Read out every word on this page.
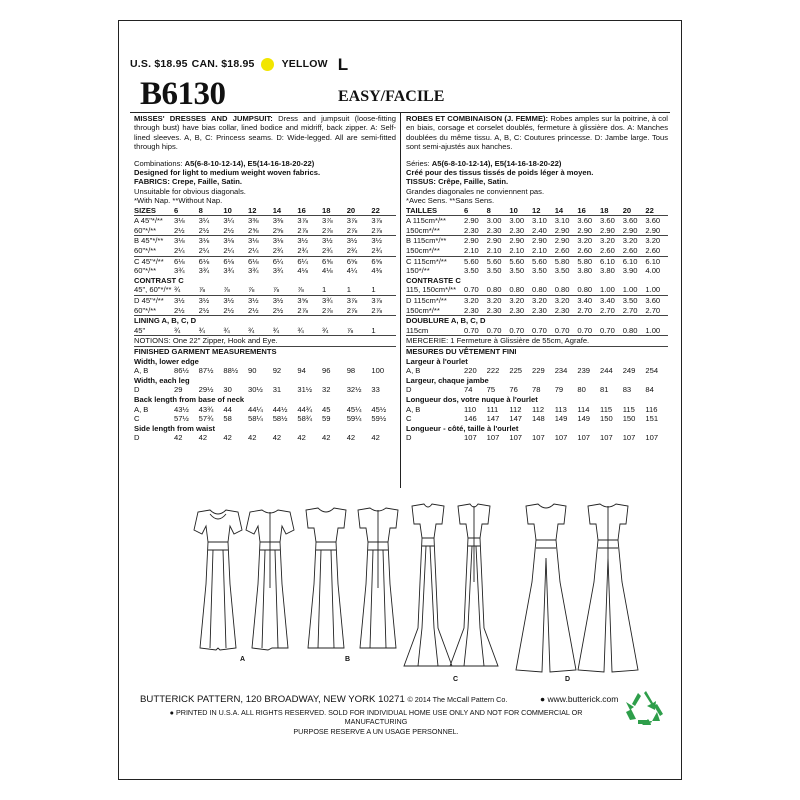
U.S. $18.95 CAN. $18.95	YELLOW L
B6130	EASY/FACILE

MISSES' DRESSES AND JUMPSUIT: Dress and jumpsuit (loose-fitting through bust) have bias collar, lined bodice and midriff, back zipper. A: Self-lined sleeves. A, B, C: Princess seams. D: Wide-legged. All are semi-fitted through hips.

Combinations: A5(6-8-10-12-14), E5(14-16-18-20-22)

Designed for light to medium weight woven fabrics.

FABRICS: Crepe, Faille, Satin.

Unsuitable for obvious diagonals.

*With Nap. **Without Nap.

SIZES	6	8	10	12	14	16	18	20	22
A 45"*/**	3⅛	3¼	3¼	3⅜	3⅜	3⅞	3⅞	3⅞	3⅞
60"*/**	2½	2½	2½	2⅝	2⅝	2⅞	2⅞	2⅞	2⅞
B 45"*/**	3⅛	3⅛	3⅛	3⅛	3⅛	3½	3½	3½	3½
60"*/**	2¼	2¼	2¼	2¼	2¾	2¾	2¾	2¾	2¾
C 45"*/**	6⅛	6⅛	6⅛	6⅛	6¼	6¼	6⅝	6⅝	6⅝
60"*/**	3¾	3¾	3¾	3¾	3¾	4⅛	4⅛	4¼	4⅜
CONTRAST C
45", 60"*/** ¾	⅞	⅞	⅞	⅞	⅞	1	1	1
D 45"*/**	3½	3½	3½	3½	3½	3⅝	3¾	3⅞	3⅞
60"*/**	2½	2½	2½	2½	2½	2⅞	2⅞	2⅞	2⅞
LINING A, B, C, D
45"	¾	¾	¾	¾	¾	¾	¾	⅞	1
NOTIONS: One 22" Zipper, Hook and Eye.
FINISHED GARMENT MEASUREMENTS
Width, lower edge
A, B	86½	87½	88½	90	92	94	96	98	100
Width, each leg
D	29	29½	30	30½	31	31½	32	32½	33
Back length from base of neck
A, B	43½	43¾	44	44¼	44½	44¾	45	45¼	45½
C	57½	57¾	58	58¼	58½	58¾	59	59¼	59½
Side length from waist
D	42	42	42	42	42	42	42	42	42

ROBES ET COMBINAISON (J. FEMME): Robes amples sur la poitrine, à col en biais, corsage et corselet doublés, fermeture à glissière dos. A: Manches doublées du même tissu. A, B, C: Coutures princesse. D: Jambe large. Tous sont semi-ajustés aux hanches.

Séries: A5(6-8-10-12-14), E5(14-16-18-20-22)

Créé pour des tissus tissés de poids léger à moyen.

TISSUS: Crêpe, Faille, Satin.

Grandes diagonales ne conviennent pas.

*Avec Sens. **Sans Sens.

TAILLES	6	8	10	12	14	16	18	20	22
A 115cm*/**	2.90	3.00	3.00	3.10	3.10	3.60	3.60	3.60	3.60
150cm*/**	2.30	2.30	2.30	2.40	2.90	2.90	2.90	2.90	2.90
B 115cm*/**	2.90	2.90	2.90	2.90	2.90	3.20	3.20	3.20	3.20
150cm*/**	2.10	2.10	2.10	2.10	2.60	2.60	2.60	2.60	2.60
C 115cm*/**	5.60	5.60	5.60	5.60	5.80	5.80	6.10	6.10	6.10
150*/**	3.50	3.50	3.50	3.50	3.50	3.80	3.80	3.90	4.00
CONTRASTE C
115, 150cm*/**	0.70	0.80	0.80	0.80	0.80	0.80	1.00	1.00	1.00
D 115cm*/**	3.20	3.20	3.20	3.20	3.20	3.40	3.40	3.50	3.60
150cm*/**	2.30	2.30	2.30	2.30	2.30	2.70	2.70	2.70	2.70
DOUBLURE A, B, C, D
115cm	0.70	0.70	0.70	0.70	0.70	0.70	0.70	0.80	1.00
MERCERIE: 1 Fermeture à Glissière de 55cm, Agrafe.
MESURES DU VÊTEMENT FINI
Largeur à l'ourlet
A, B	220	222	225	229	234	239	244	249	254
Largeur, chaque jambe
D	74	75	76	78	79	80	81	83	84
Longueur dos, votre nuque à l'ourlet
A, B	110	111	112	112	113	114	115	115	116
C	146	147	147	148	149	149	150	150	151
Longueur - côté, taille à l'ourlet
D	107	107	107	107	107	107	107	107	107
A	B
C	D
BUTTERICK PATTERN, 120 BROADWAY, NEW YORK 10271 © 2014 The McCall Pattern Co.	● www.butterick.com
● PRINTED IN U.S.A. ALL RIGHTS RESERVED. SOLD FOR INDIVIDUAL HOME USE ONLY AND NOT FOR COMMERCIAL OR MANUFACTURING
PURPOSE RESERVE A UN USAGE PERSONNEL.
